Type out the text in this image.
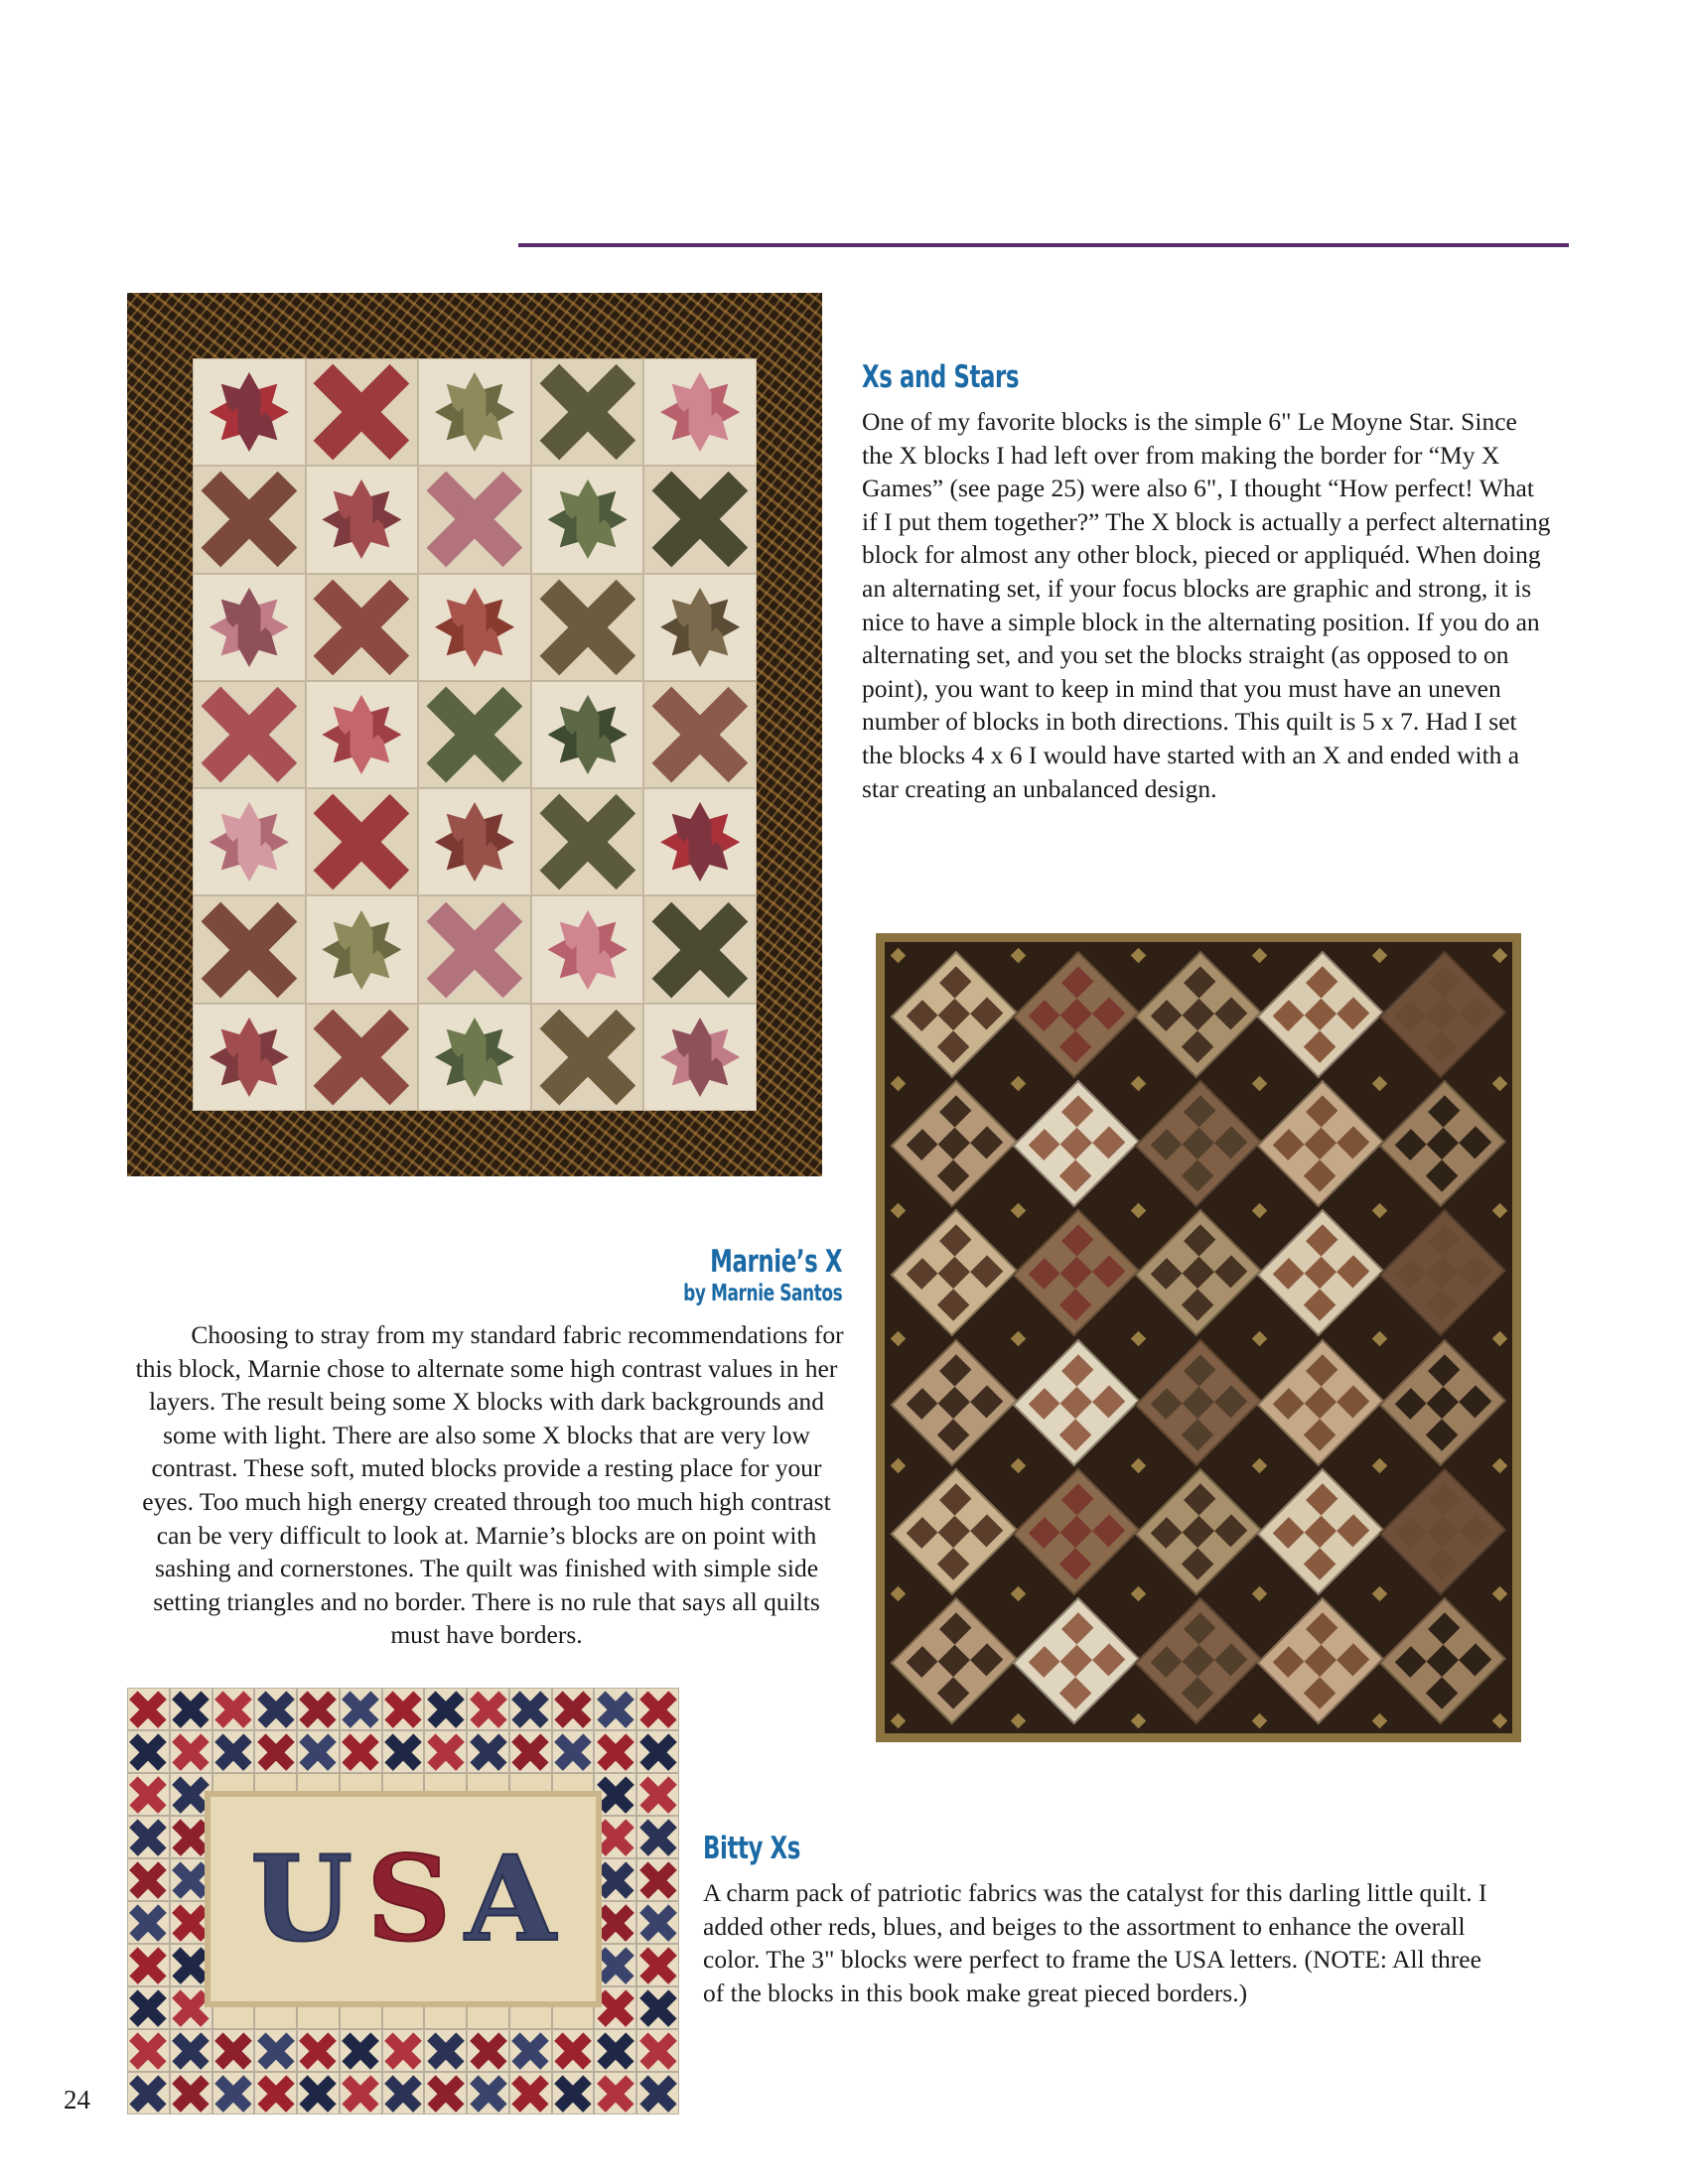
Xs and Stars
One of my favorite blocks is the simple 6" Le Moyne Star. Since the X blocks I had left over from making the border for “My X Games” (see page 25) were also 6", I thought “How perfect! What if I put them together?” The X block is actually a perfect alternating block for almost any other block, pieced or appliquéd. When doing an alternating set, if your focus blocks are graphic and strong, it is nice to have a simple block in the alternating position. If you do an alternating set, and you set the blocks straight (as opposed to on point), you want to keep in mind that you must have an uneven number of blocks in both directions. This quilt is 5 x 7. Had I set the blocks 4 x 6 I would have started with an X and ended with a star creating an unbalanced design.
Marnie’s X
by Marnie Santos

Choosing to stray from my standard fabric recommendations for this block, Marnie chose to alternate some high contrast values in her layers. The result being some X blocks with dark backgrounds and some with light. There are also some X blocks that are very low contrast. These soft, muted blocks provide a resting place for your eyes. Too much high energy created through too much high contrast can be very difficult to look at. Marnie’s blocks are on point with sashing and cornerstones. The quilt was finished with simple side setting triangles and no border. There is no rule that says all quilts must have borders.

U S A	Bitty Xs
A charm pack of patriotic fabrics was the catalyst for this darling little quilt. I added other reds, blues, and beiges to the assortment to enhance the overall color. The 3" blocks were perfect to frame the USA letters. (NOTE: All three of the blocks in this book make great pieced borders.)
24
